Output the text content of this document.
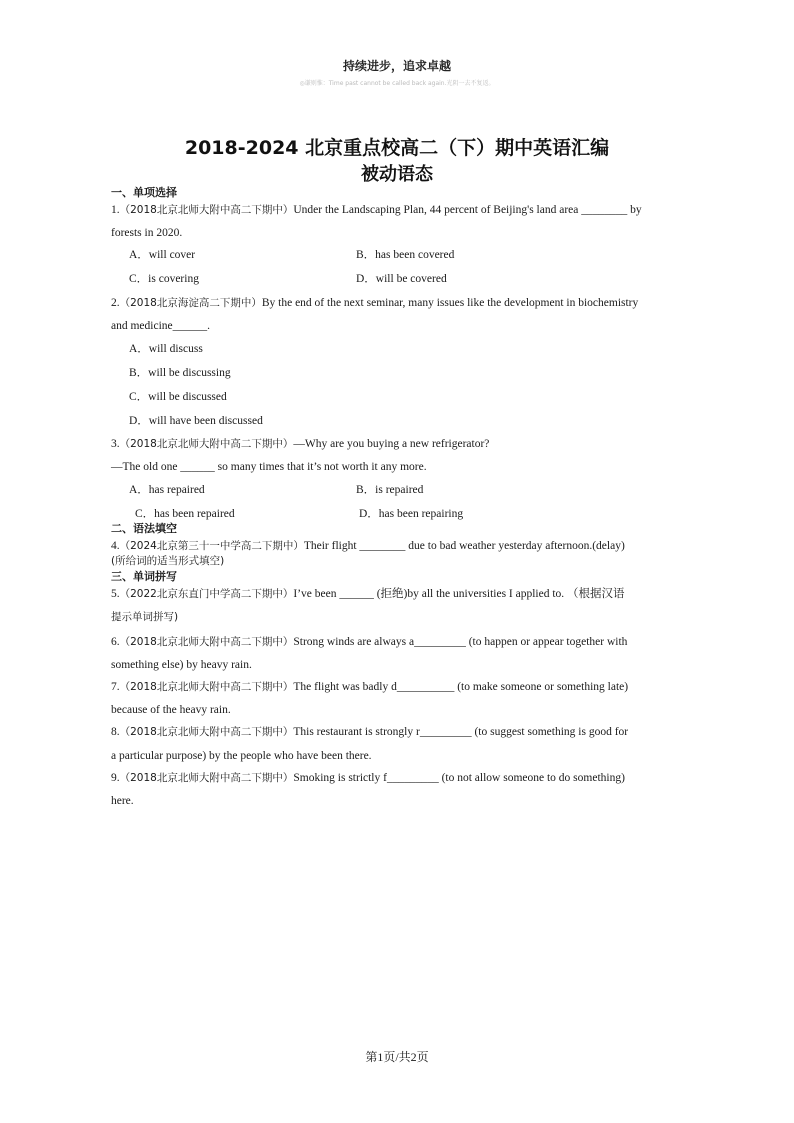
持续进步，追求卓越
◎谦则惟：Time past cannot be called back again.光阴一去不复返。
2018-2024 北京重点校高二（下）期中英语汇编
被动语态
一、单项选择
1.（2018北京北师大附中高二下期中）Under the Landscaping Plan, 44 percent of Beijing's land area ________ by
forests in 2020.
A．will cover	B．has been covered
C．is covering	D．will be covered
2.（2018北京海淀高二下期中）By the end of the next seminar, many issues like the development in biochemistry
and medicine______.
A．will discuss
B．will be discussing
C．will be discussed
D．will have been discussed
3.（2018北京北师大附中高二下期中）—Why are you buying a new refrigerator?
—The old one ______ so many times that it’s not worth it any more.
A．has repaired	B．is repaired
C．has been repaired	D．has been repairing
二、语法填空
4.（2024北京第三十一中学高二下期中）Their flight ________ due to bad weather yesterday afternoon.(delay)
(所给词的适当形式填空)
三、单词拼写
5.（2022北京东直门中学高二下期中）I’ve been ______ (拒绝)by all the universities I applied to. （根据汉语
提示单词拼写)
6.（2018北京北师大附中高二下期中）Strong winds are always a_________ (to happen or appear together with
something else) by heavy rain.
7.（2018北京北师大附中高二下期中）The flight was badly d__________ (to make someone or something late)
because of the heavy rain.
8.（2018北京北师大附中高二下期中）This restaurant is strongly r_________ (to suggest something is good for
a particular purpose) by the people who have been there.
9.（2018北京北师大附中高二下期中）Smoking is strictly f_________ (to not allow someone to do something)
here.
第1页/共2页
